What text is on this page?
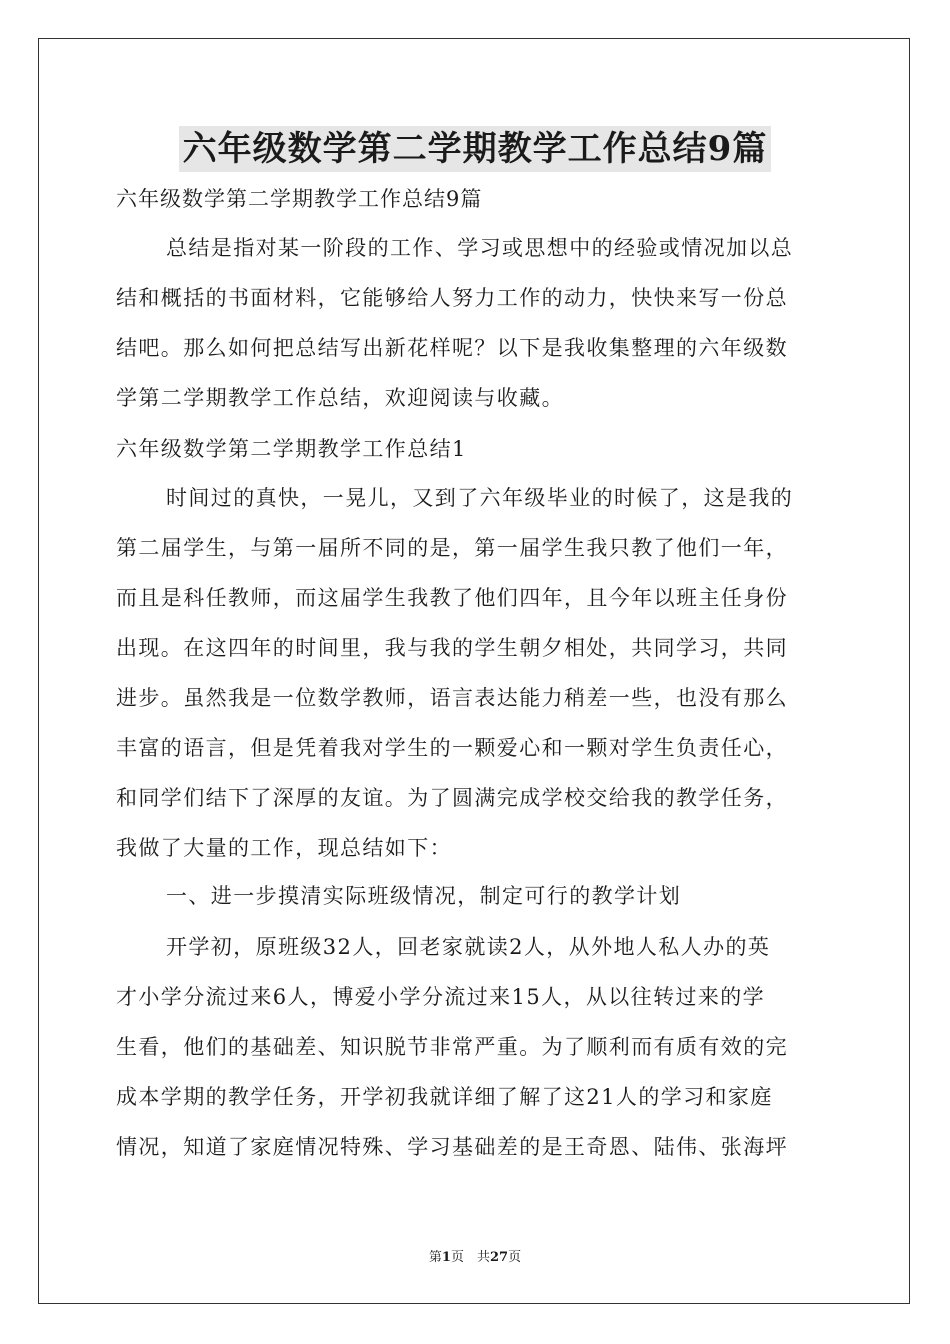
六年级数学第二学期教学工作总结9篇
六年级数学第二学期教学工作总结9篇
总结是指对某一阶段的工作、学习或思想中的经验或情况加以总
结和概括的书面材料，它能够给人努力工作的动力，快快来写一份总
结吧。那么如何把总结写出新花样呢？以下是我收集整理的六年级数
学第二学期教学工作总结，欢迎阅读与收藏。
六年级数学第二学期教学工作总结1
时间过的真快，一晃儿，又到了六年级毕业的时候了，这是我的
第二届学生，与第一届所不同的是，第一届学生我只教了他们一年，
而且是科任教师，而这届学生我教了他们四年，且今年以班主任身份
出现。在这四年的时间里，我与我的学生朝夕相处，共同学习，共同
进步。虽然我是一位数学教师，语言表达能力稍差一些，也没有那么
丰富的语言，但是凭着我对学生的一颗爱心和一颗对学生负责任心，
和同学们结下了深厚的友谊。为了圆满完成学校交给我的教学任务，
我做了大量的工作，现总结如下：
一、进一步摸清实际班级情况，制定可行的教学计划
开学初，原班级32人，回老家就读2人，从外地人私人办的英
才小学分流过来6人，博爱小学分流过来15人，从以往转过来的学
生看，他们的基础差、知识脱节非常严重。为了顺利而有质有效的完
成本学期的教学任务，开学初我就详细了解了这21人的学习和家庭
情况，知道了家庭情况特殊、学习基础差的是王奇恩、陆伟、张海坪
第1页　共27页
